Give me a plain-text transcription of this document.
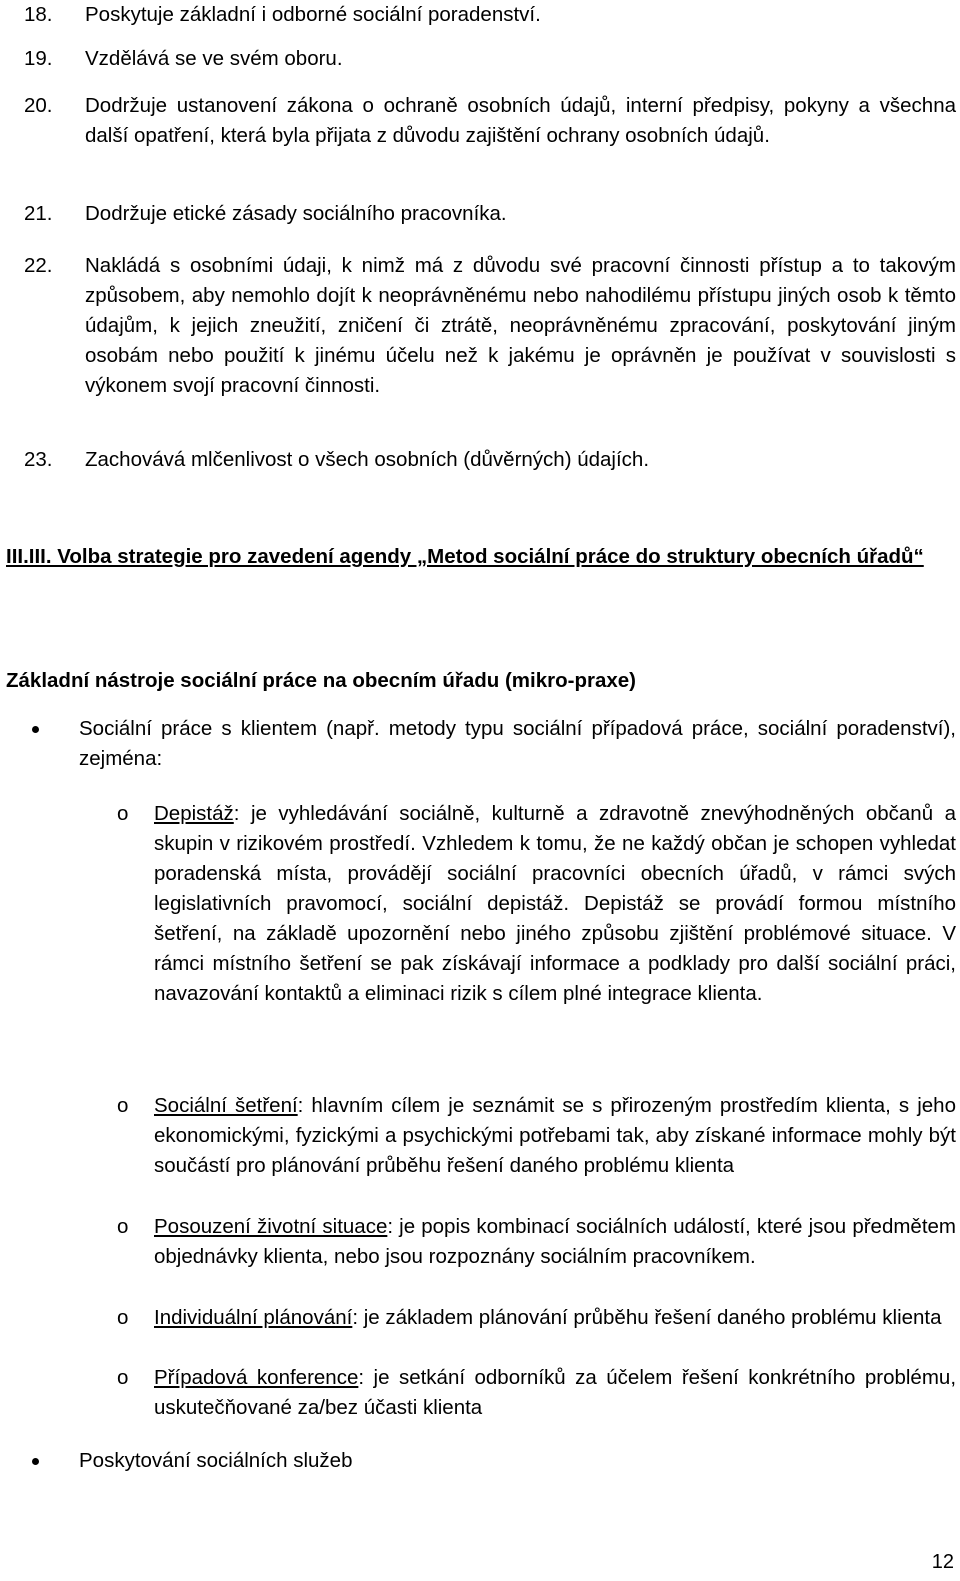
18.	Poskytuje základní i odborné sociální poradenství.
19.	Vzdělává se ve svém oboru.
20.	Dodržuje ustanovení zákona o ochraně osobních údajů, interní předpisy, pokyny a všechna další opatření, která byla přijata z důvodu zajištění ochrany osobních údajů.
21.	Dodržuje etické zásady sociálního pracovníka.
22.	Nakládá s osobními údaji, k nimž má z důvodu své pracovní činnosti přístup a to takovým způsobem, aby nemohlo dojít k neoprávněnému nebo nahodilému přístupu jiných osob k těmto údajům, k jejich zneužití, zničení či ztrátě, neoprávněnému zpracování, poskytování jiným osobám nebo použití k jinému účelu než k jakému je oprávněn je používat v souvislosti s výkonem svojí pracovní činnosti.
23.	Zachovává mlčenlivost o všech osobních (důvěrných) údajích.
III.III. Volba strategie pro zavedení agendy „Metod sociální práce do struktury obecních úřadů“
Základní nástroje sociální práce na obecním úřadu (mikro-praxe)
Sociální práce s klientem (např. metody typu sociální případová práce, sociální poradenství), zejména:
o Depistáž: je vyhledávání sociálně, kulturně a zdravotně znevýhodněných občanů a skupin v rizikovém prostředí. Vzhledem k tomu, že ne každý občan je schopen vyhledat poradenská místa, provádějí sociální pracovníci obecních úřadů, v rámci svých legislativních pravomocí, sociální depistáž. Depistáž se provádí formou místního šetření, na základě upozornění nebo jiného způsobu zjištění problémové situace. V rámci místního šetření se pak získávají informace a podklady pro další sociální práci, navazování kontaktů a eliminaci rizik s cílem plné integrace klienta.
o Sociální šetření: hlavním cílem je seznámit se s přirozeným prostředím klienta, s jeho ekonomickými, fyzickými a psychickými potřebami tak, aby získané informace mohly být součástí pro plánování průběhu řešení daného problému klienta
o Posouzení životní situace: je popis kombinací sociálních událostí, které jsou předmětem objednávky klienta, nebo jsou rozpoznány sociálním pracovníkem.
o Individuální plánování: je základem plánování průběhu řešení daného problému klienta
o Případová konference: je setkání odborníků za účelem řešení konkrétního problému, uskutečňované za/bez účasti klienta
Poskytování sociálních služeb
12
